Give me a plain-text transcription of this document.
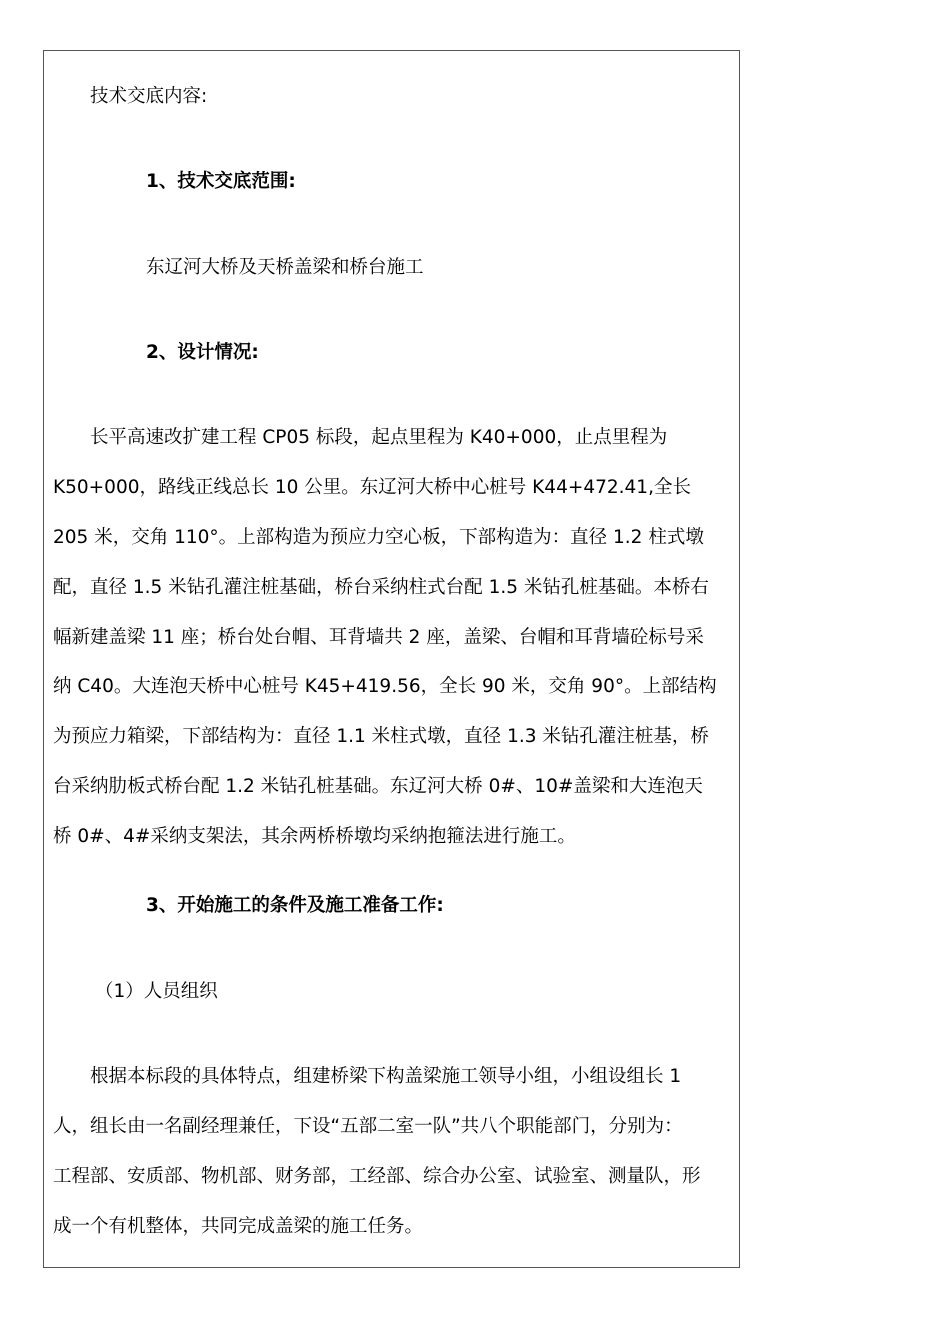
技术交底内容:
1、技术交底范围:
东辽河大桥及天桥盖梁和桥台施工
2、设计情况:
长平高速改扩建工程 CP05 标段，起点里程为 K40+000，止点里程为
K50+000，路线正线总长 10 公里。东辽河大桥中心桩号 K44+472.41,全长
205 米，交角 110°。上部构造为预应力空心板，下部构造为：直径 1.2 柱式墩
配，直径 1.5 米钻孔灌注桩基础，桥台采纳柱式台配 1.5 米钻孔桩基础。本桥右
幅新建盖梁 11 座；桥台处台帽、耳背墙共 2 座，盖梁、台帽和耳背墙砼标号采
纳 C40。大连泡天桥中心桩号 K45+419.56，全长 90 米，交角 90°。上部结构
为预应力箱梁，下部结构为：直径 1.1 米柱式墩，直径 1.3 米钻孔灌注桩基，桥
台采纳肋板式桥台配 1.2 米钻孔桩基础。东辽河大桥 0#、10#盖梁和大连泡天
桥 0#、4#采纳支架法，其余两桥桥墩均采纳抱箍法进行施工。
3、开始施工的条件及施工准备工作:
（1）人员组织
根据本标段的具体特点，组建桥梁下构盖梁施工领导小组，小组设组长 1
人，组长由一名副经理兼任，下设“五部二室一队”共八个职能部门，分别为：
工程部、安质部、物机部、财务部，工经部、综合办公室、试验室、测量队，形
成一个有机整体，共同完成盖梁的施工任务。
